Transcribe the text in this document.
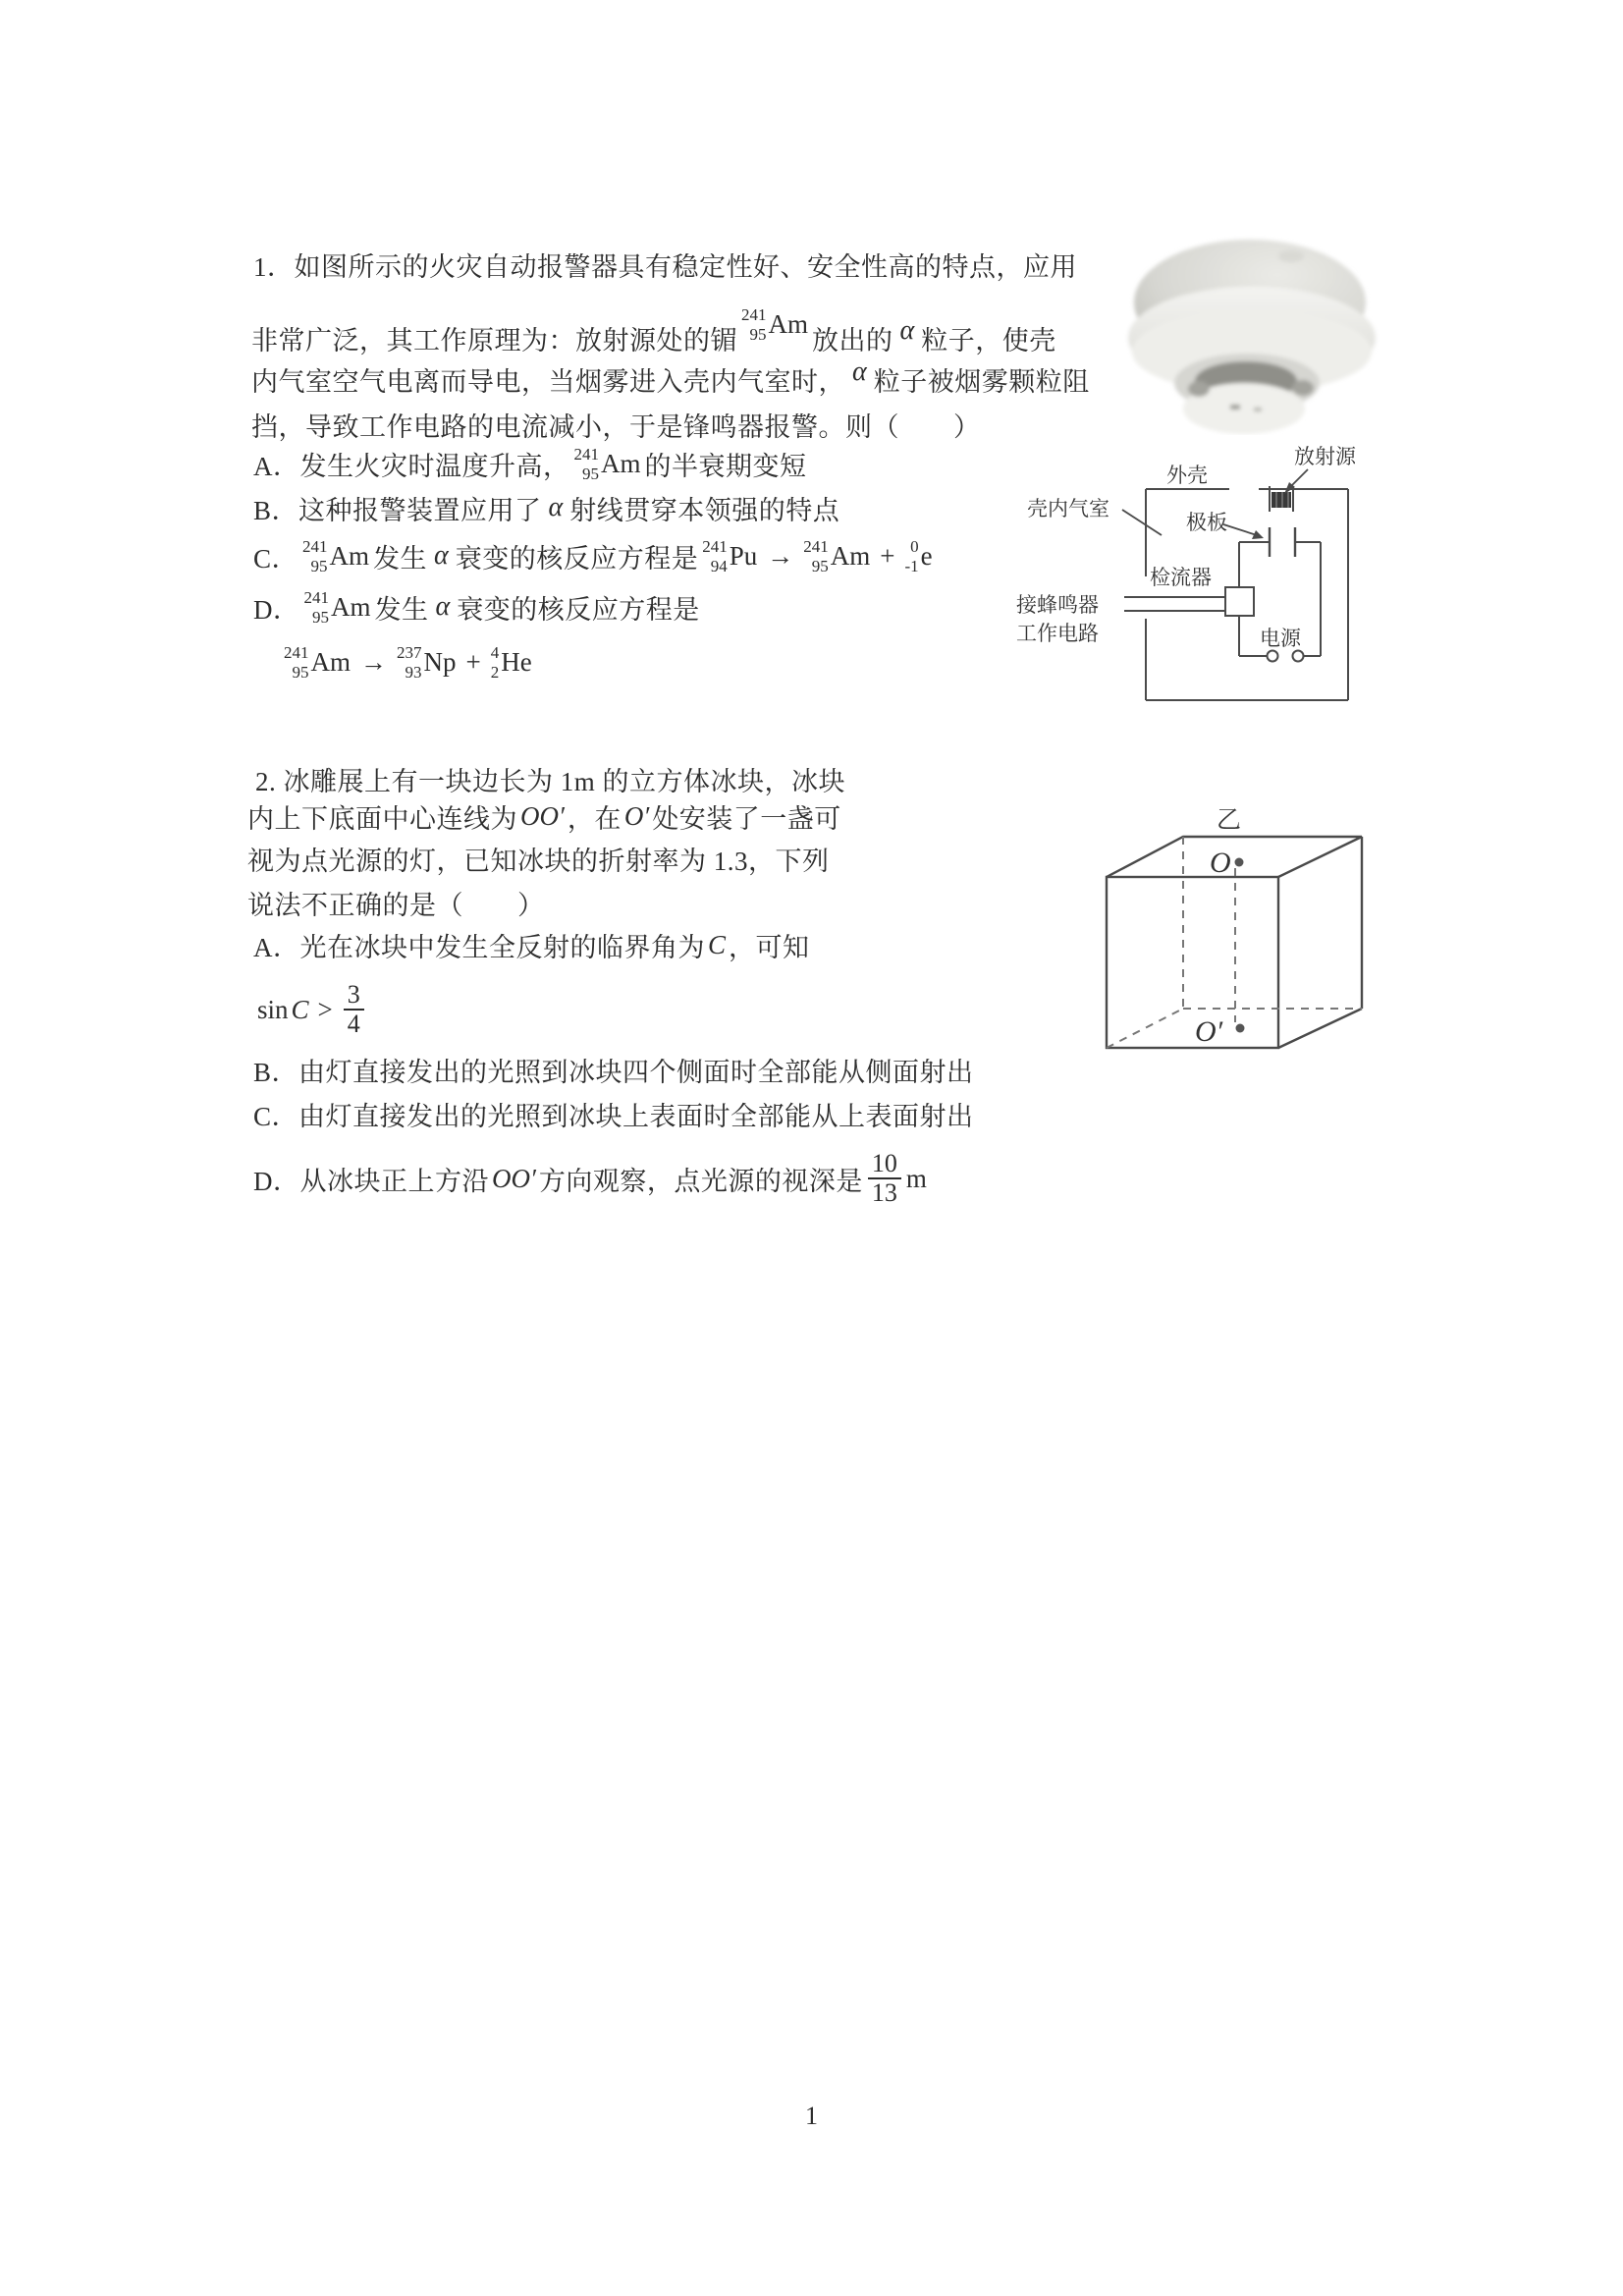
1．如图所示的火灾自动报警器具有稳定性好、安全性高的特点，应用
非常广泛，其工作原理为：放射源处的镅
241
95 Am
放出的 α 粒子，使壳
内气室空气电离而导电，当烟雾进入壳内气室时， α 粒子被烟雾颗粒阻
挡，导致工作电路的电流减小，于是锋鸣器报警。则（　　）
A．发生火灾时温度升高， 241
95 Am 的半衰期变短
B．这种报警装置应用了 α 射线贯穿本领强的特点
C． 241
95 Am 发生 α 衰变的核反应方程是 241
94 Pu → 241
95 Am + 0
-1 e
D． 241
95 Am 发生 α 衰变的核反应方程是
241
95 Am → 237
93 Np + 4
2 He
外壳
放射源
壳内气室
极板
检流器
接蜂鸣器
工作电路	电源
2. 冰雕展上有一块边长为 1m 的立方体冰块，冰块
内上下底面中心连线为 OO′ ，在 O′ 处安装了一盏可
视为点光源的灯，已知冰块的折射率为 1.3，下列
说法不正确的是（　　）
A．光在冰块中发生全反射的临界角为 C ，可知
$\sin C > \frac{3}{4}$
B．由灯直接发出的光照到冰块四个侧面时全部能从侧面射出
C．由灯直接发出的光照到冰块上表面时全部能从上表面射出
D．从冰块正上方沿 OO′ 方向观察，点光源的视深是 $\frac{10}{13}$ m
乙
O
O′
1
